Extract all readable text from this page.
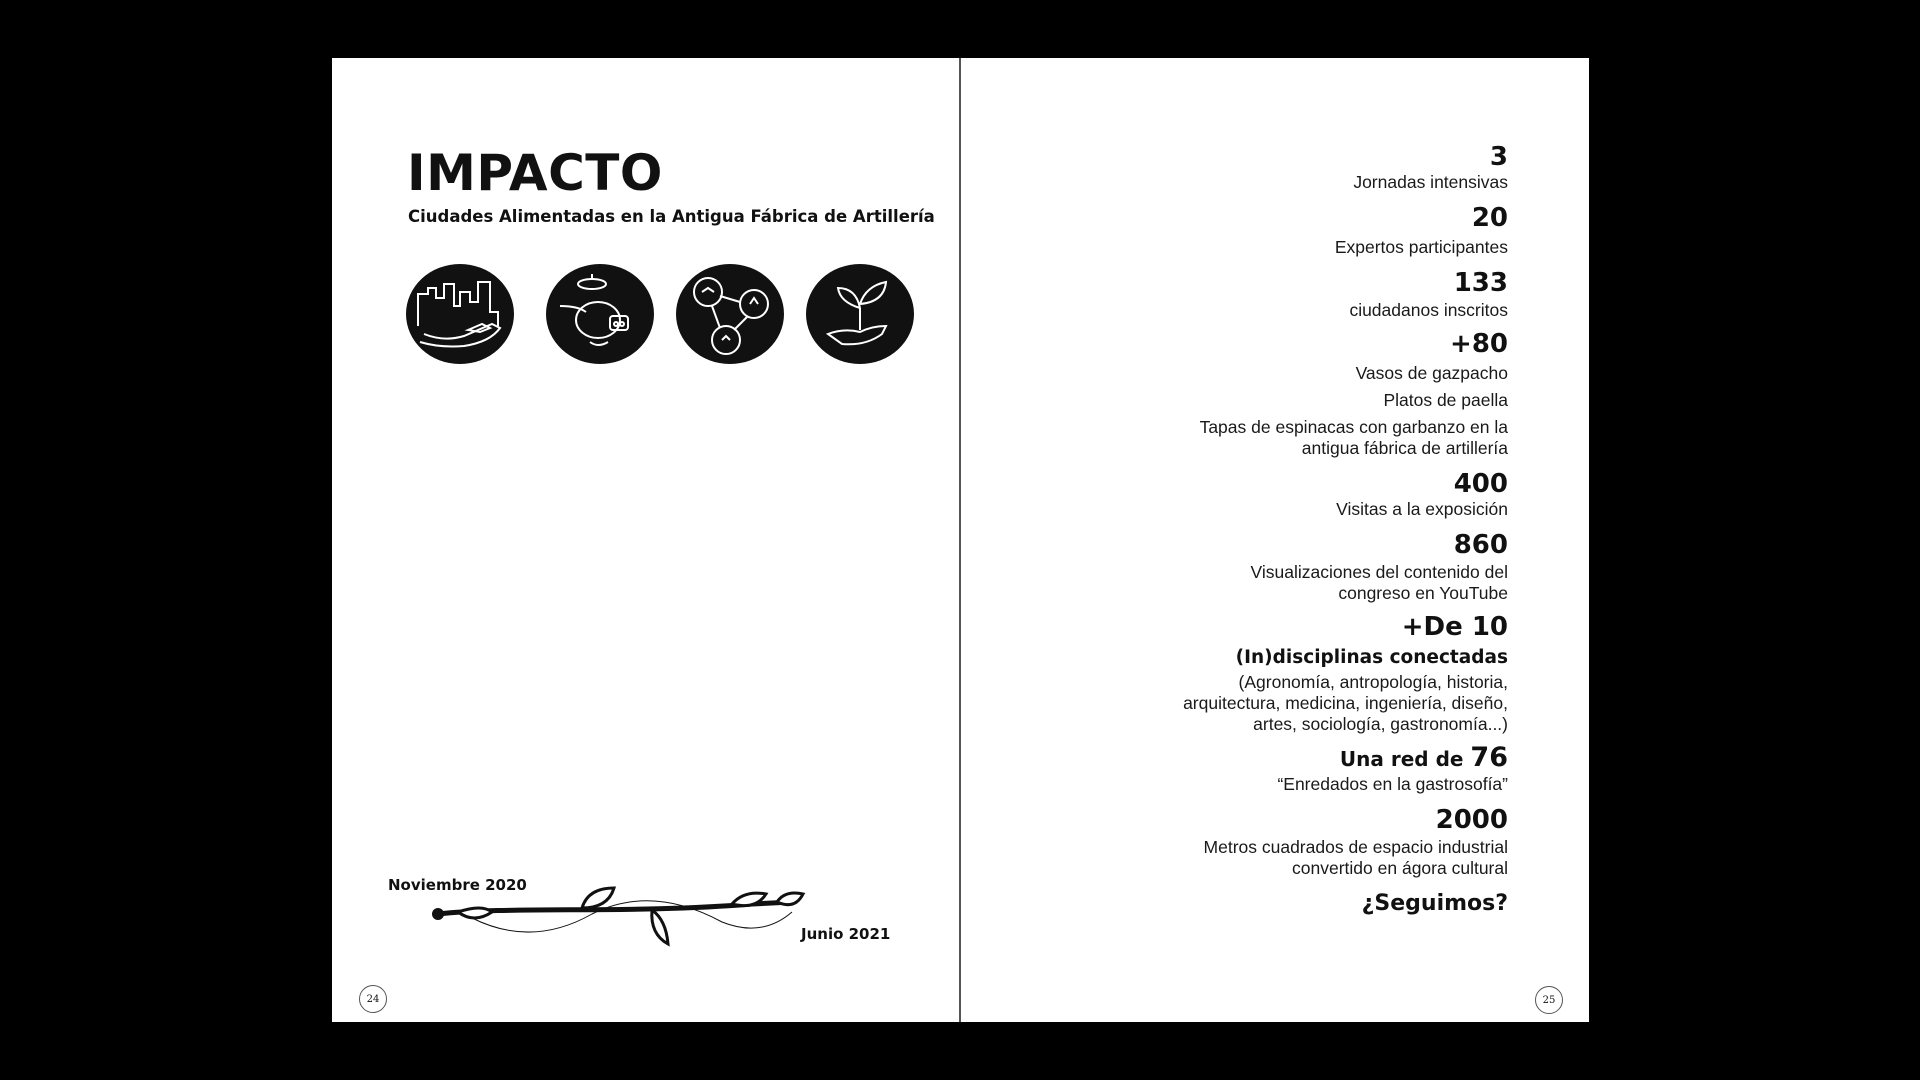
IMPACTO
Ciudades Alimentadas en la Antigua Fábrica de Artillería
Noviembre 2020
Junio 2021
24
3
Jornadas intensivas
20
Expertos participantes
133
ciudadanos inscritos
+80
Vasos de gazpacho
Platos de paella
Tapas de espinacas con garbanzo en la
antigua fábrica de artillería
400
Visitas a la exposición
860
Visualizaciones del contenido del
congreso en YouTube
+De 10
(In)disciplinas conectadas
(Agronomía, antropología, historia,
arquitectura, medicina, ingeniería, diseño,
artes, sociología, gastronomía...)
Una red de 76
“Enredados en la gastrosofía”
2000
Metros cuadrados de espacio industrial
convertido en ágora cultural
¿Seguimos?
25
